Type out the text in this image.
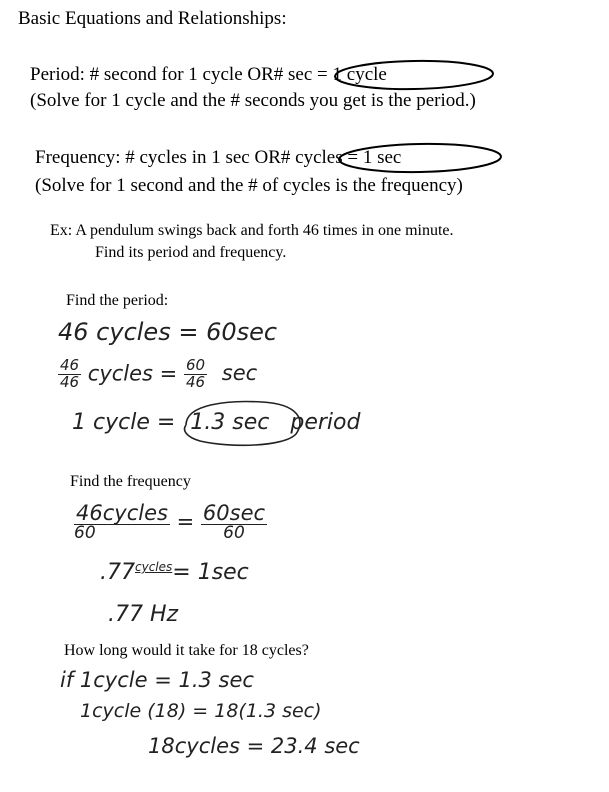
Basic Equations and Relationships:
Period: # second for 1 cycle OR# sec = 1 cycle
(Solve for 1 cycle and the # seconds you get is the period.)
Frequency: # cycles in 1 sec OR# cycles = 1 sec
(Solve for 1 second and the # of cycles is the frequency)
Ex: A pendulum swings back and forth 46 times in one minute.
Find its period and frequency.
Find the period:
Find the frequency
How long would it take for 18 cycles?
46 cycles = 60sec
$\frac{46}{46}$ cycles = $\frac{60}{46}$ sec
1 cycle = 1.3 sec period
$\frac{\text{46cycles}}{60} = \frac{60\sec}{60}$
$.77^{cycles}= 1\sec$
.77 Hz
if 1cycle = 1.3 sec
1cycle (18) = 18(1.3 sec)
18cycles = 23.4 sec
